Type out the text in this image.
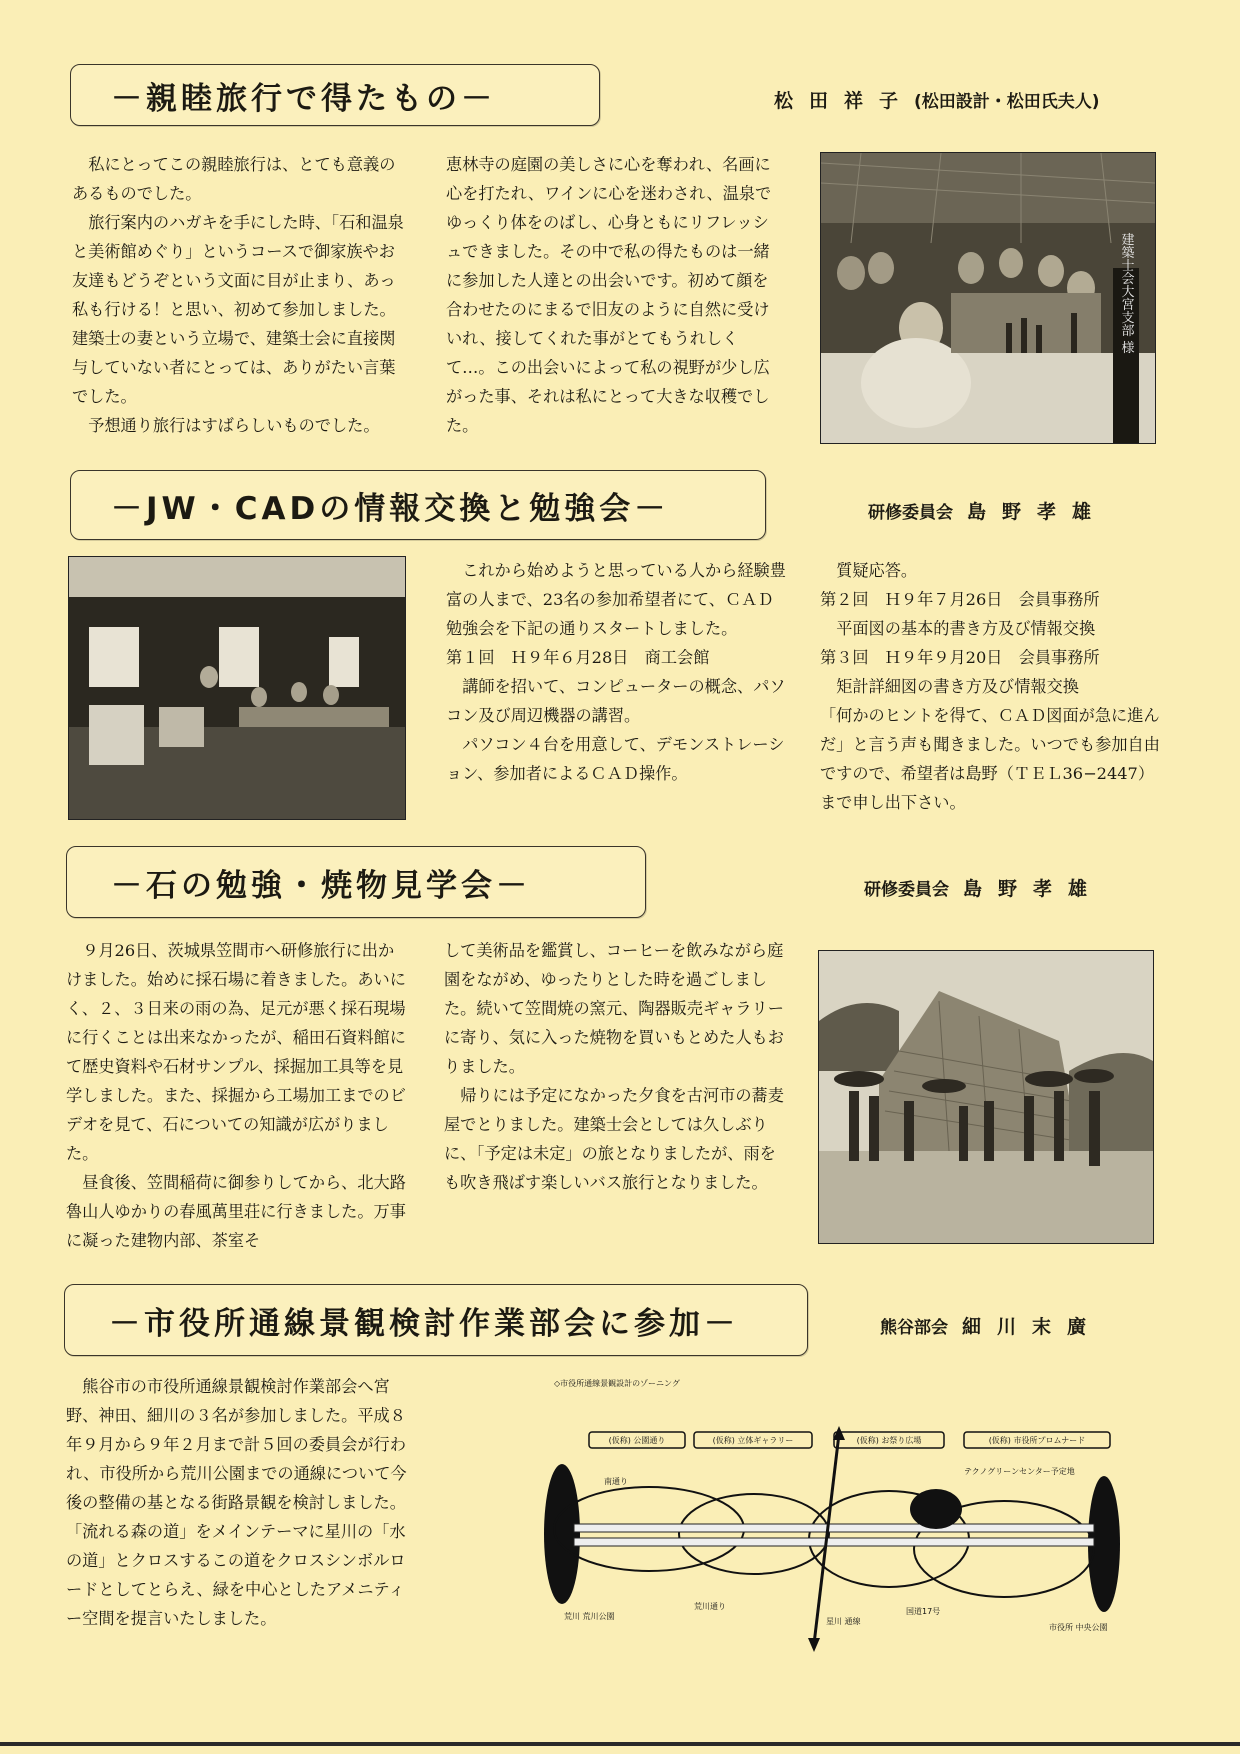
－親睦旅行で得たもの－	松田祥子(松田設計・松田氏夫人)

私にとってこの親睦旅行は、とても意義のあるものでした。

旅行案内のハガキを手にした時、「石和温泉と美術館めぐり」というコースで御家族やお友達もどうぞという文面に目が止まり、あっ私も行ける！と思い、初めて参加しました。建築士の妻という立場で、建築士会に直接関与していない者にとっては、ありがたい言葉でした。

予想通り旅行はすばらしいものでした。

恵林寺の庭園の美しさに心を奪われ、名画に心を打たれ、ワインに心を迷わされ、温泉でゆっくり体をのばし、心身ともにリフレッシュできました。その中で私の得たものは一緒に参加した人達との出会いです。初めて顔を合わせたのにまるで旧友のように自然に受けいれ、接してくれた事がとてもうれしくて…。この出会いによって私の視野が少し広がった事、それは私にとって大きな収穫でした。

建築士会大宮支部 様
－JW・CADの情報交換と勉強会－	研修委員会 島野孝雄

これから始めようと思っている人から経験豊富の人まで、23名の参加希望者にて、ＣＡＤ勉強会を下記の通りスタートしました。

第１回　Ｈ９年６月28日　商工会館

講師を招いて、コンピューターの概念、パソコン及び周辺機器の講習。

パソコン４台を用意して、デモンストレーション、参加者によるＣＡＤ操作。

質疑応答。

第２回　Ｈ９年７月26日　会員事務所

平面図の基本的書き方及び情報交換

第３回　Ｈ９年９月20日　会員事務所

矩計詳細図の書き方及び情報交換

「何かのヒントを得て、ＣＡＤ図面が急に進んだ」と言う声も聞きました。いつでも参加自由ですので、希望者は島野（ＴＥＬ36−2447）まで申し出下さい。

－石の勉強・焼物見学会－	研修委員会 島野孝雄

９月26日、茨城県笠間市へ研修旅行に出かけました。始めに採石場に着きました。あいにく、２、３日来の雨の為、足元が悪く採石現場に行くことは出来なかったが、稲田石資料館にて歴史資料や石材サンプル、採掘加工具等を見学しました。また、採掘から工場加工までのビデオを見て、石についての知識が広がりました。

昼食後、笠間稲荷に御参りしてから、北大路魯山人ゆかりの春風萬里荘に行きました。万事に凝った建物内部、茶室そ

して美術品を鑑賞し、コーヒーを飲みながら庭園をながめ、ゆったりとした時を過ごしました。続いて笠間焼の窯元、陶器販売ギャラリーに寄り、気に入った焼物を買いもとめた人もおりました。

帰りには予定になかった夕食を古河市の蕎麦屋でとりました。建築士会としては久しぶりに、「予定は未定」の旅となりましたが、雨をも吹き飛ばす楽しいバス旅行となりました。

－市役所通線景観検討作業部会に参加－	熊谷部会 細川末廣

熊谷市の市役所通線景観検討作業部会へ宮野、神田、細川の３名が参加しました。平成８年９月から９年２月まで計５回の委員会が行われ、市役所から荒川公園までの通線について今後の整備の基となる街路景観を検討しました。「流れる森の道」をメインテーマに星川の「水の道」とクロスするこの道をクロスシンボルロードとしてとらえ、緑を中心としたアメニティー空間を提言いたしました。

◇市役所通線景観設計のゾーニング
(仮称) 公園通り	(仮称) 立体ギャラリー	(仮称) お祭り広場	(仮称) 市役所プロムナード
荒川 荒川公園
荒川通り
南通り
星川 通線
国道17号
市役所 中央公園
テクノグリーンセンター予定地
